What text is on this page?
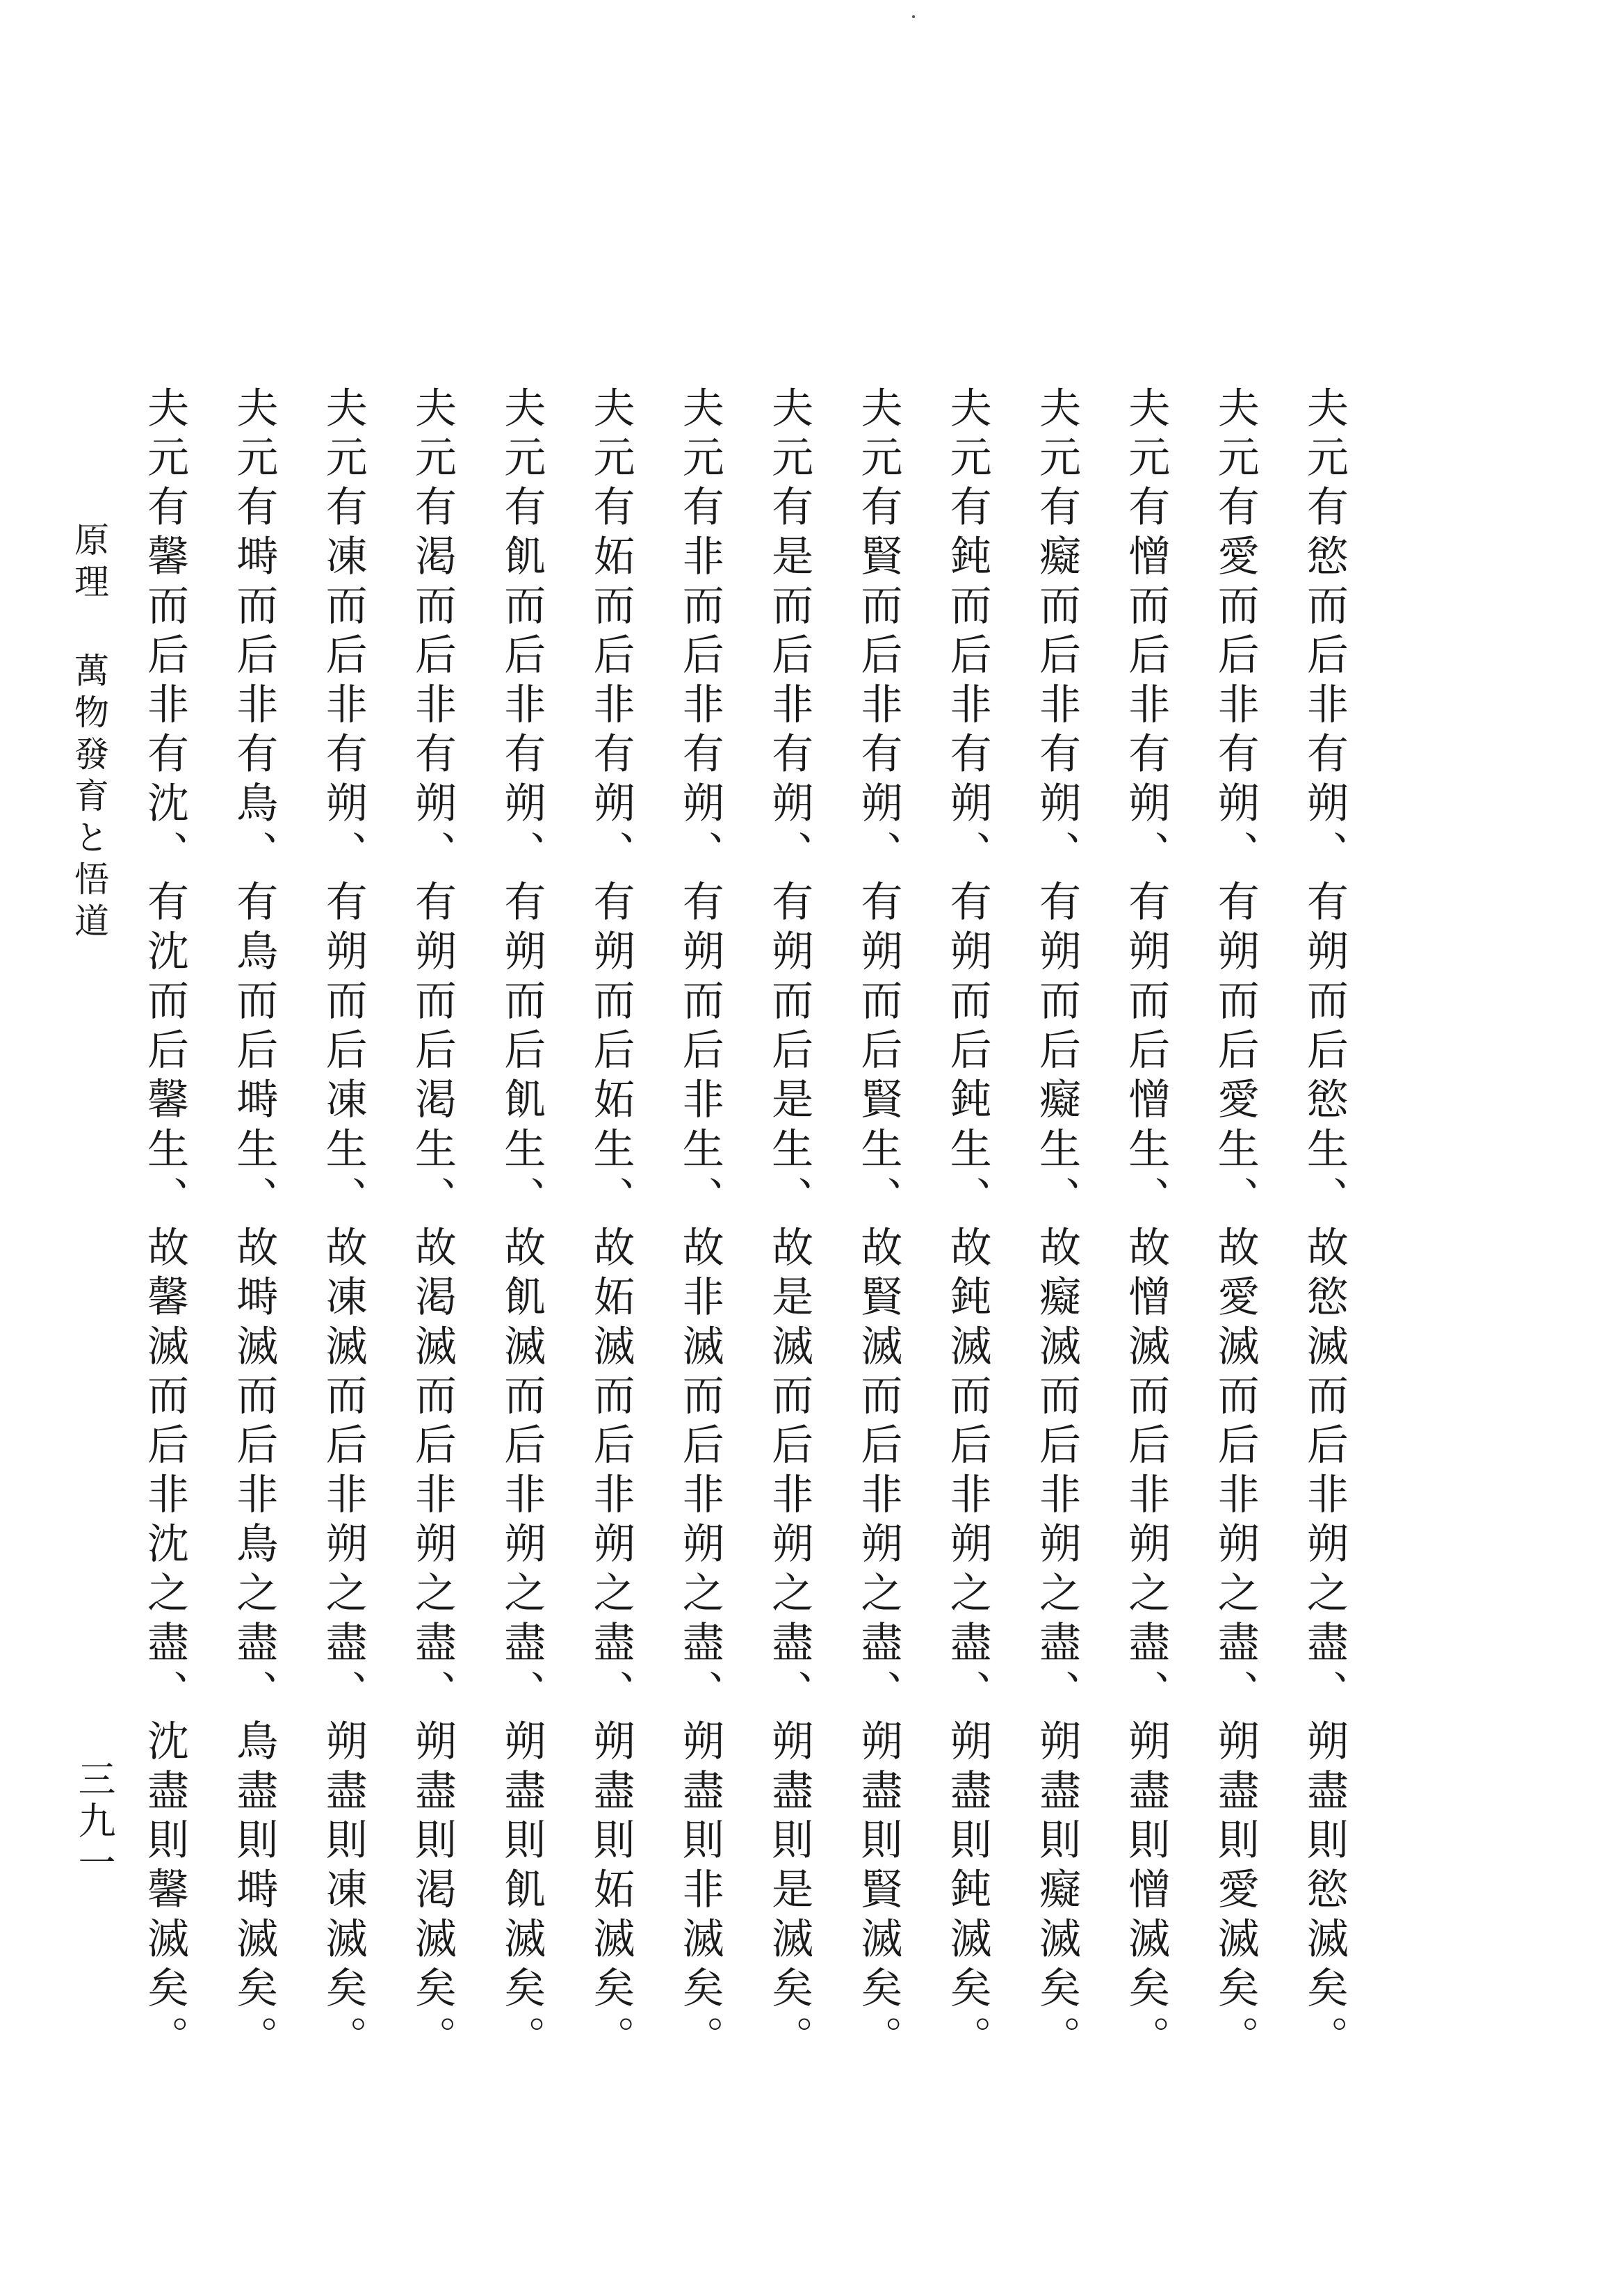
夫元有慾而后非有朔、有朔而后慾生、故慾滅而后非朔之盡、朔盡則慾滅矣。
夫元有愛而后非有朔、有朔而后愛生、故愛滅而后非朔之盡、朔盡則愛滅矣。
夫元有憎而后非有朔、有朔而后憎生、故憎滅而后非朔之盡、朔盡則憎滅矣。
夫元有癡而后非有朔、有朔而后癡生、故癡滅而后非朔之盡、朔盡則癡滅矣。
夫元有鈍而后非有朔、有朔而后鈍生、故鈍滅而后非朔之盡、朔盡則鈍滅矣。
夫元有賢而后非有朔、有朔而后賢生、故賢滅而后非朔之盡、朔盡則賢滅矣。
夫元有是而后非有朔、有朔而后是生、故是滅而后非朔之盡、朔盡則是滅矣。
夫元有非而后非有朔、有朔而后非生、故非滅而后非朔之盡、朔盡則非滅矣。
夫元有妬而后非有朔、有朔而后妬生、故妬滅而后非朔之盡、朔盡則妬滅矣。
夫元有飢而后非有朔、有朔而后飢生、故飢滅而后非朔之盡、朔盡則飢滅矣。
夫元有渇而后非有朔、有朔而后渇生、故渇滅而后非朔之盡、朔盡則渇滅矣。
夫元有凍而后非有朔、有朔而后凍生、故凍滅而后非朔之盡、朔盡則凍滅矣。
夫元有塒而后非有鳥、有鳥而后塒生、故塒滅而后非鳥之盡、鳥盡則塒滅矣。
夫元有馨而后非有沈、有沈而后馨生、故馨滅而后非沈之盡、沈盡則馨滅矣。
原理 萬物發育と悟道
三九一
